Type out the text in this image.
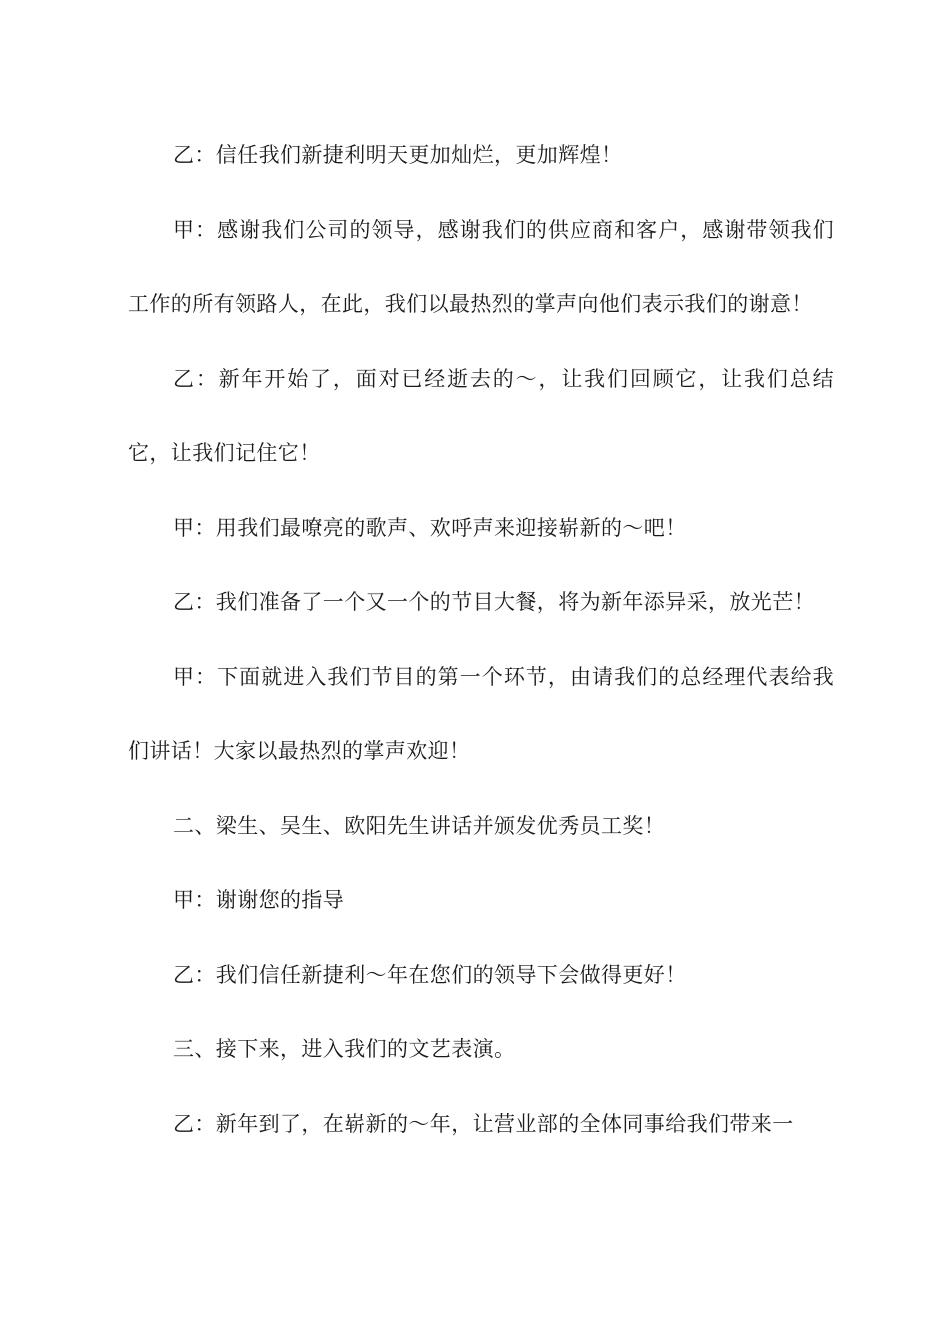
乙：信任我们新捷利明天更加灿烂，更加辉煌！

甲：感谢我们公司的领导，感谢我们的供应商和客户，感谢带领我们工作的所有领路人，在此，我们以最热烈的掌声向他们表示我们的谢意！

乙：新年开始了，面对已经逝去的～，让我们回顾它，让我们总结它，让我们记住它！

甲：用我们最嘹亮的歌声、欢呼声来迎接崭新的～吧！

乙：我们准备了一个又一个的节目大餐，将为新年添异采，放光芒！

甲：下面就进入我们节目的第一个环节，由请我们的总经理代表给我们讲话！大家以最热烈的掌声欢迎！

二、梁生、吴生、欧阳先生讲话并颁发优秀员工奖！

甲：谢谢您的指导

乙：我们信任新捷利～年在您们的领导下会做得更好！

三、接下来，进入我们的文艺表演。

乙：新年到了，在崭新的～年，让营业部的全体同事给我们带来一
